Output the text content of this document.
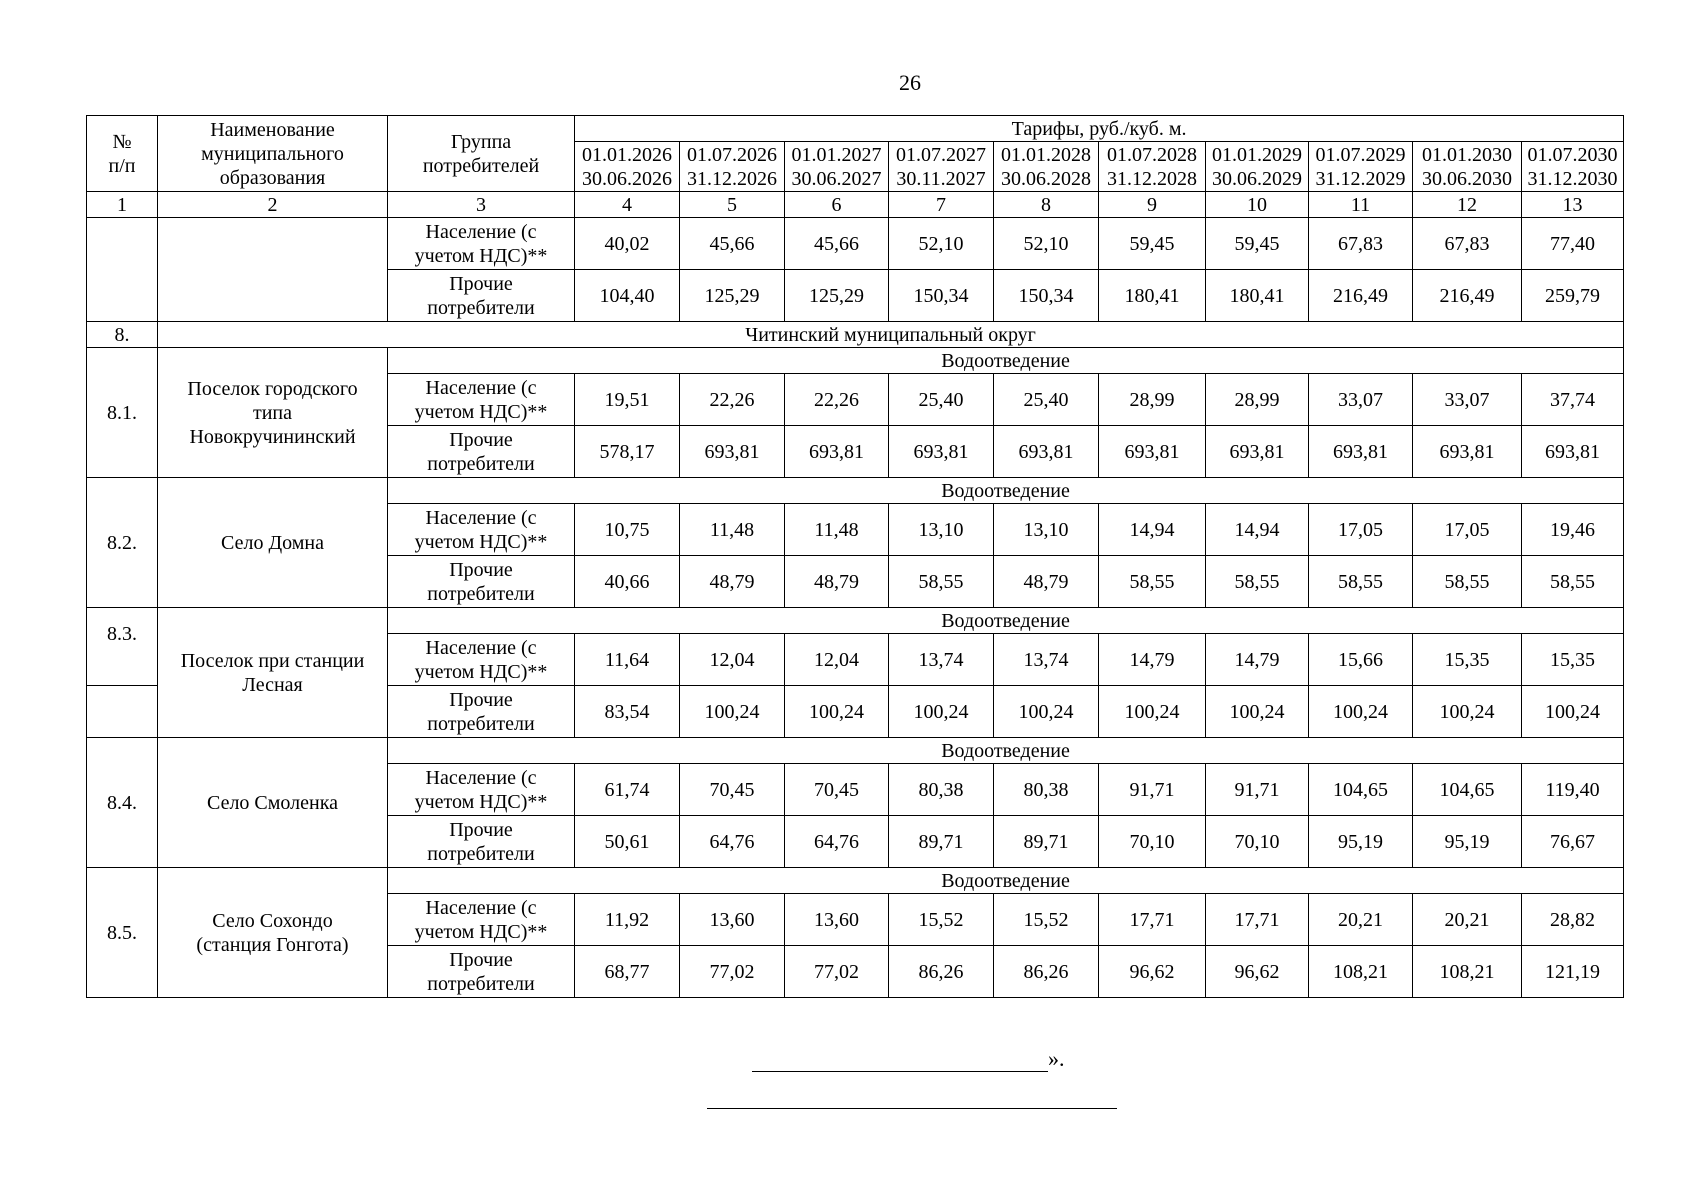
26
№ п/п	Наименование муниципального образования	Группа потребителей	Тарифы, руб./куб. м.									
			01.01.2026
30.06.2026	01.07.2026
31.12.2026	01.01.2027
30.06.2027	01.07.2027
30.11.2027	01.01.2028
30.06.2028	01.07.2028
31.12.2028	01.01.2029
30.06.2029	01.07.2029
31.12.2029	01.01.2030
30.06.2030	01.07.2030
31.12.2030
1	2	3	4	5	6	7	8	9	10	11	12	13
		Население (с
учетом НДС)**	40,02	45,66	45,66	52,10	52,10	59,45	59,45	67,83	67,83	77,40
		Прочие
потребители	104,40	125,29	125,29	150,34	150,34	180,41	180,41	216,49	216,49	259,79
8.	Читинский муниципальный округ											
8.1.	Поселок городского
типа
Новокручининский	Водоотведение										
		Население (с
учетом НДС)**	19,51	22,26	22,26	25,40	25,40	28,99	28,99	33,07	33,07	37,74
		Прочие
потребители	578,17	693,81	693,81	693,81	693,81	693,81	693,81	693,81	693,81	693,81
8.2.	Село Домна	Водоотведение										
		Население (с
учетом НДС)**	10,75	11,48	11,48	13,10	13,10	14,94	14,94	17,05	17,05	19,46
		Прочие
потребители	40,66	48,79	48,79	58,55	48,79	58,55	58,55	58,55	58,55	58,55
8.3.	Поселок при станции
Лесная	Водоотведение										
		Население (с
учетом НДС)**	11,64	12,04	12,04	13,74	13,74	14,79	14,79	15,66	15,35	15,35
		Прочие
потребители	83,54	100,24	100,24	100,24	100,24	100,24	100,24	100,24	100,24	100,24
8.4.	Село Смоленка	Водоотведение										
		Население (с
учетом НДС)**	61,74	70,45	70,45	80,38	80,38	91,71	91,71	104,65	104,65	119,40
		Прочие
потребители	50,61	64,76	64,76	89,71	89,71	70,10	70,10	95,19	95,19	76,67
8.5.	Село Сохондо
(станция Гонгота)	Водоотведение										
		Население (с
учетом НДС)**	11,92	13,60	13,60	15,52	15,52	17,71	17,71	20,21	20,21	28,82
		Прочие
потребители	68,77	77,02	77,02	86,26	86,26	96,62	96,62	108,21	108,21	121,19
».
